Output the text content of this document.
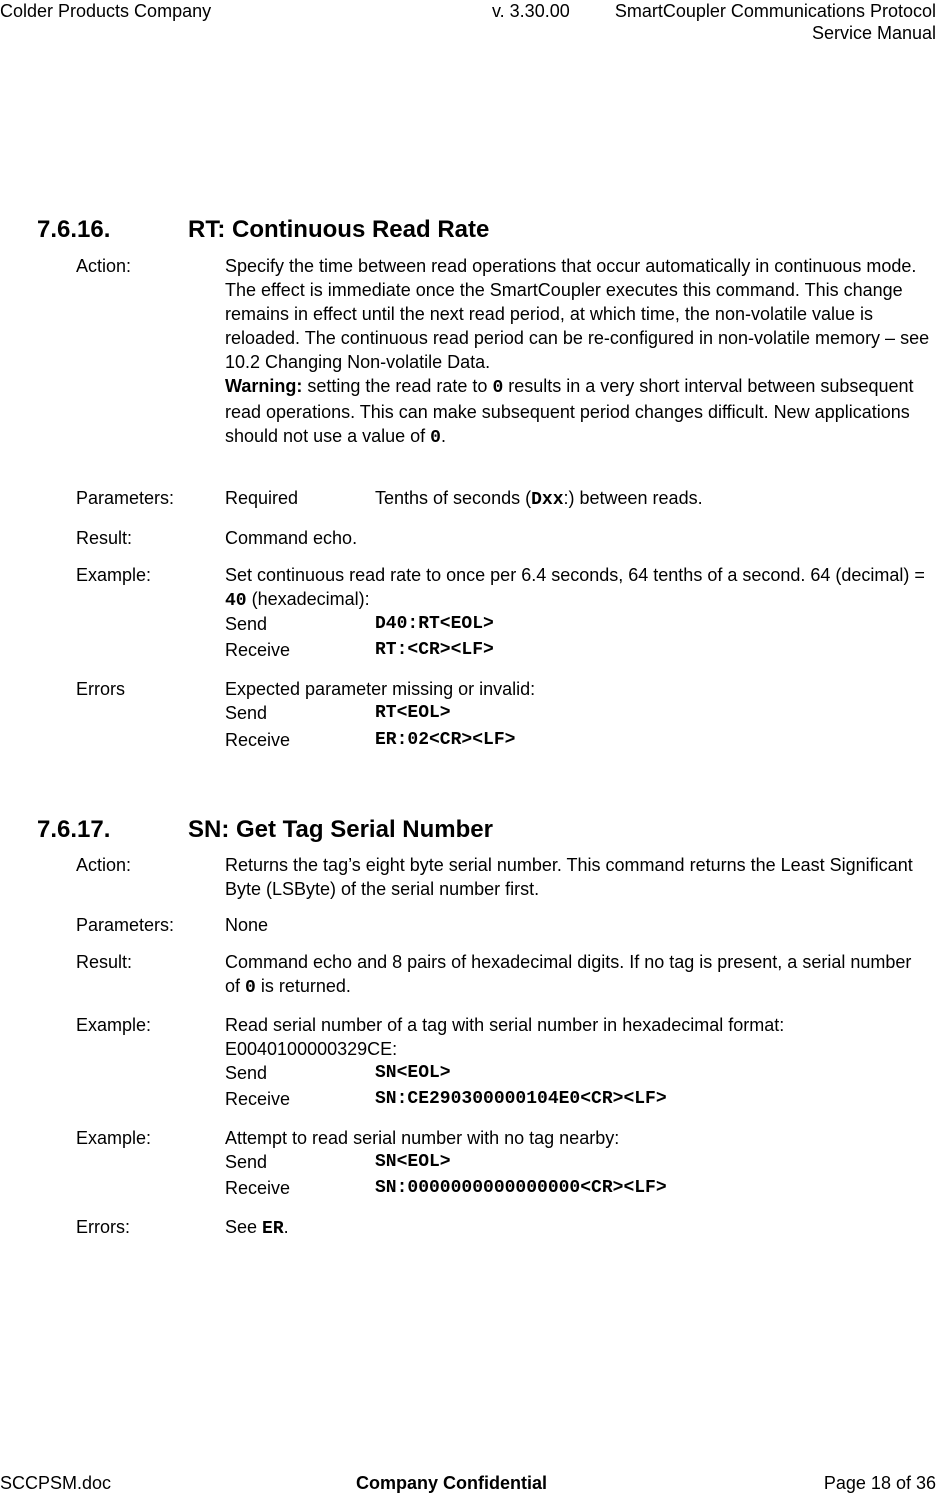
Colder Products Company	v. 3.30.00	SmartCoupler Communications Protocol
Service Manual
7.6.16.	RT: Continuous Read Rate
Action:	Specify the time between read operations that occur automatically in continuous mode. The effect is immediate once the SmartCoupler executes this command. This change remains in effect until the next read period, at which time, the non-volatile value is reloaded. The continuous read period can be re-configured in non-volatile memory – see 10.2 Changing Non-volatile Data.
Warning: setting the read rate to 0 results in a very short interval between subsequent read operations. This can make subsequent period changes difficult. New applications should not use a value of 0.
Parameters:	Required	Tenths of seconds (Dxx:) between reads.
Result:	Command echo.
Example:	Set continuous read rate to once per 6.4 seconds, 64 tenths of a second. 64 (decimal) = 40 (hexadecimal):
Send	D40:RT<EOL>
Receive	RT:<CR><LF>
Errors	Expected parameter missing or invalid:
Send	RT<EOL>
Receive	ER:02<CR><LF>
7.6.17.	SN: Get Tag Serial Number
Action:	Returns the tag’s eight byte serial number. This command returns the Least Significant Byte (LSByte) of the serial number first.
Parameters:	None
Result:	Command echo and 8 pairs of hexadecimal digits. If no tag is present, a serial number of 0 is returned.
Example:	Read serial number of a tag with serial number in hexadecimal format: E0040100000329CE:
Send	SN<EOL>
Receive	SN:CE290300000104E0<CR><LF>
Example:	Attempt to read serial number with no tag nearby:
Send	SN<EOL>
Receive	SN:0000000000000000<CR><LF>
Errors:	See ER.
SCCPSM.doc	Company Confidential	Page 18 of 36
